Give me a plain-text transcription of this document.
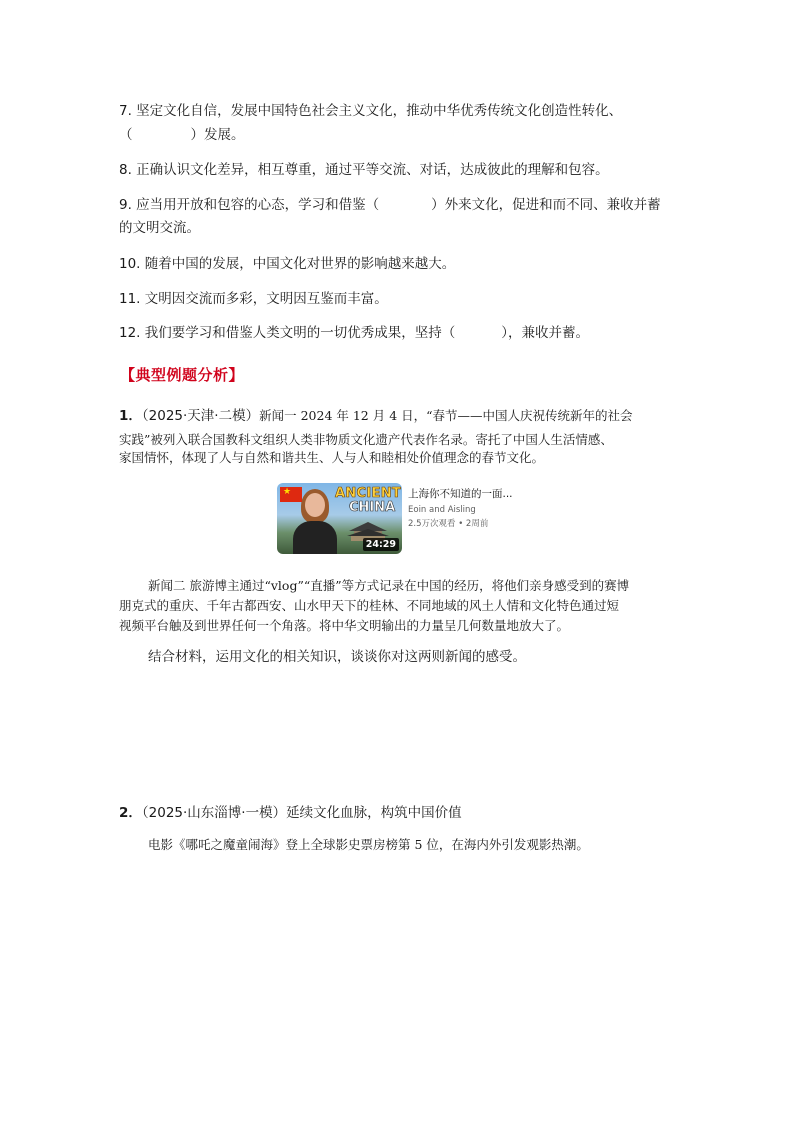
7. 坚定文化自信，发展中国特色社会主义文化，推动中华优秀传统文化创造性转化、
（	）发展。
8. 正确认识文化差异，相互尊重，通过平等交流、对话，达成彼此的理解和包容。
9. 应当用开放和包容的心态，学习和借鉴（	）外来文化，促进和而不同、兼收并蓄
的文明交流。
10. 随着中国的发展，中国文化对世界的影响越来越大。
11. 文明因交流而多彩，文明因互鉴而丰富。
12. 我们要学习和借鉴人类文明的一切优秀成果，坚持（	），兼收并蓄。
【典型例题分析】
1．（2025·天津·二模）新闻一 2024 年 12 月 4 日，“春节——中国人庆祝传统新年的社会
实践”被列入联合国教科文组织人类非物质文化遗产代表作名录。寄托了中国人生活情感、
家国情怀，体现了人与自然和谐共生、人与人和睦相处价值理念的春节文化。
★	ANCIENT
CHINA
24:29
上海你不知道的一面...
Eoin and Aisling
2.5万次观看 • 2周前
新闻二 旅游博主通过“vlog”“直播”等方式记录在中国的经历，将他们亲身感受到的赛博
朋克式的重庆、千年古都西安、山水甲天下的桂林、不同地域的风土人情和文化特色通过短
视频平台触及到世界任何一个角落。将中华文明输出的力量呈几何数量地放大了。
结合材料，运用文化的相关知识，谈谈你对这两则新闻的感受。
2．（2025·山东淄博·一模）延续文化血脉，构筑中国价值
电影《哪吒之魔童闹海》登上全球影史票房榜第 5 位，在海内外引发观影热潮。
